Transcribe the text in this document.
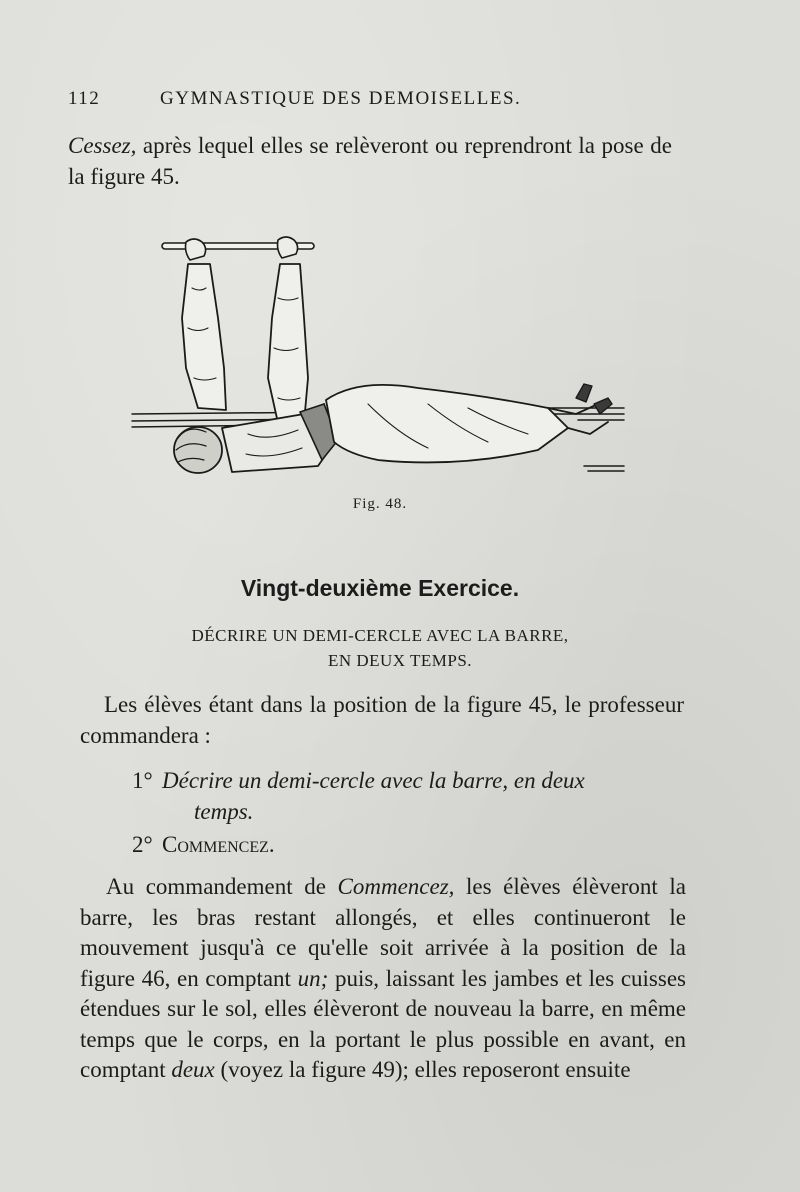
112	GYMNASTIQUE DES DEMOISELLES.

Cessez, après lequel elles se relèveront ou reprendront la pose de la figure 45.

Fig. 48.
Vingt-deuxième Exercice.
DÉCRIRE UN DEMI-CERCLE AVEC LA BARRE,
EN DEUX TEMPS.

Les élèves étant dans la position de la figure 45, le professeur commandera :

1° Décrire un demi-cercle avec la barre, en deux
temps.
2° Commencez.

Au commandement de Commencez, les élèves élèveront la barre, les bras restant allongés, et elles continueront le mouvement jusqu'à ce qu'elle soit arrivée à la position de la figure 46, en comptant un; puis, laissant les jambes et les cuisses étendues sur le sol, elles élèveront de nouveau la barre, en même temps que le corps, en la portant le plus possible en avant, en comptant deux (voyez la figure 49); elles reposeront ensuite
